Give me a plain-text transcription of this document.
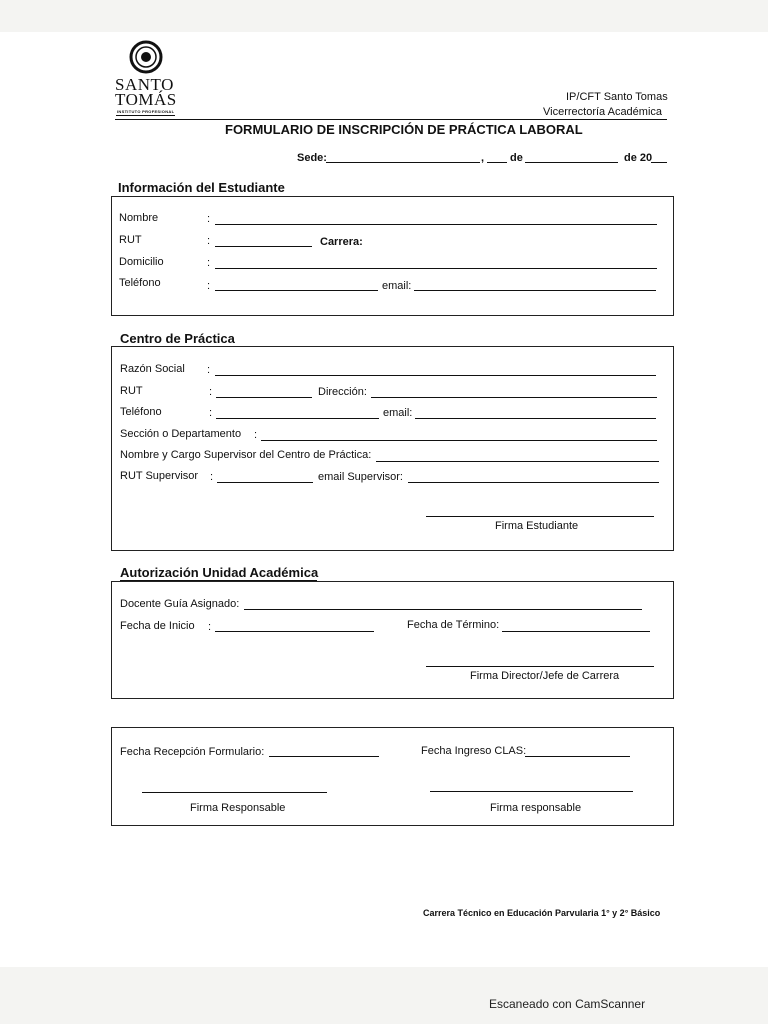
SANTO
TOMÁS
INSTITUTO PROFESIONAL
IP/CFT Santo Tomas
Vicerrectoría Académica
FORMULARIO DE INSCRIPCIÓN DE PRÁCTICA LABORAL
Sede:	, de	de 20
Información del Estudiante
Nombre	:
RUT	:	Carrera:
Domicilio	:
Teléfono	:	email:
Centro de Práctica
Razón Social :
RUT	:	Dirección:
Teléfono	:	email:
Sección o Departamento :
Nombre y Cargo Supervisor del Centro de Práctica:
RUT Supervisor :	email Supervisor:
Firma Estudiante
Autorización Unidad Académica
Docente Guía Asignado:
Fecha de Inicio :	Fecha de Término:
Firma Director/Jefe de Carrera
Fecha Recepción Formulario:	Fecha Ingreso CLAS:
Firma Responsable	Firma responsable
Carrera Técnico en Educación Parvularia 1° y 2° Básico
Escaneado con CamScanner
